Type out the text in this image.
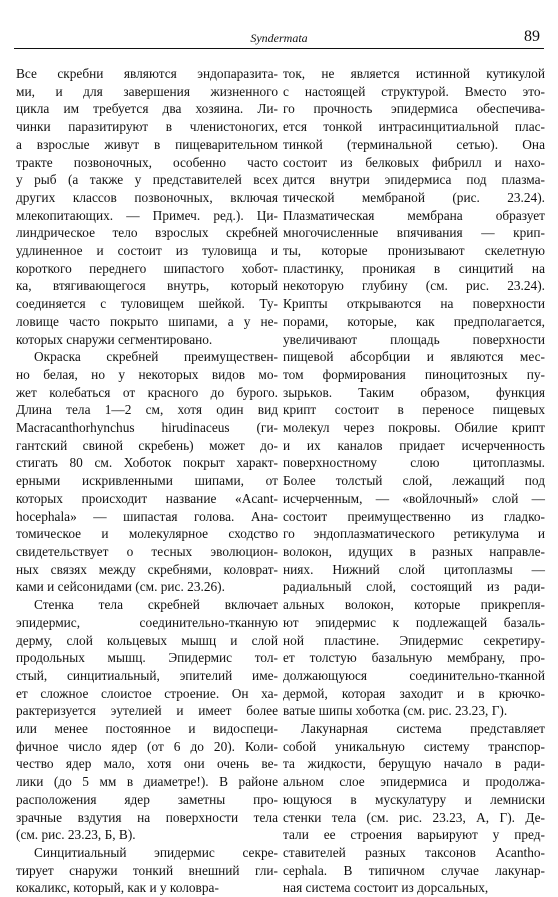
Syndermata	89
Все скребни являются эндопаразита-
ми, и для завершения жизненного
цикла им требуется два хозяина. Ли-
чинки паразитируют в членистоногих,
а взрослые живут в пищеварительном
тракте позвоночных, особенно часто
у рыб (а также у представителей всех
других классов позвоночных, включая
млекопитающих. — Примеч. ред.). Ци-
линдрическое тело взрослых скребней
удлиненное и состоит из туловища и
короткого переднего шипастого хобот-
ка, втягивающегося внутрь, который
соединяется с туловищем шейкой. Ту-
ловище часто покрыто шипами, а у не-
которых снаружи сегментировано.
Окраска скребней преимуществен-
но белая, но у некоторых видов мо-
жет колебаться от красного до бурого.
Длина тела 1—2 см, хотя один вид
Macracanthorhynchus hirudinaceus (ги-
гантский свиной скребень) может до-
стигать 80 см. Хоботок покрыт характ-
ерными искривленными шипами, от
которых происходит название «Acant-
hocephala» — шипастая голова. Ана-
томическое и молекулярное сходство
свидетельствует о тесных эволюцион-
ных связях между скребнями, коловрат-
ками и сейсонидами (см. рис. 23.26).
Стенка тела скребней включает
эпидермис, соединительно-тканную
дерму, слой кольцевых мышц и слой
продольных мышц. Эпидермис тол-
стый, синцитиальный, эпителий име-
ет сложное слоистое строение. Он ха-
рактеризуется эутелией и имеет более
или менее постоянное и видоспеци-
фичное число ядер (от 6 до 20). Коли-
чество ядер мало, хотя они очень ве-
лики (до 5 мм в диаметре!). В районе
расположения ядер заметны про-
зрачные вздутия на поверхности тела
(см. рис. 23.23, Б, В).
Синцитиальный эпидермис секре-
тирует снаружи тонкий внешний гли-
кокаликс, который, как и у коловра-
ток, не является истинной кутикулой
с настоящей структурой. Вместо это-
го прочность эпидермиса обеспечива-
ется тонкой интрасинцитиальной плас-
тинкой (терминальной сетью). Она
состоит из белковых фибрилл и нахо-
дится внутри эпидермиса под плазма-
тической мембраной (рис. 23.24).
Плазматическая мембрана образует
многочисленные впячивания — крип-
ты, которые пронизывают скелетную
пластинку, проникая в синцитий на
некоторую глубину (см. рис. 23.24).
Крипты открываются на поверхности
порами, которые, как предполагается,
увеличивают площадь поверхности
пищевой абсорбции и являются мес-
том формирования пиноцитозных пу-
зырьков. Таким образом, функция
крипт состоит в переносе пищевых
молекул через покровы. Обилие крипт
и их каналов придает исчерченность
поверхностному слою цитоплазмы.
Более толстый слой, лежащий под
исчерченным, — «войлочный» слой —
состоит преимущественно из гладко-
го эндоплазматического ретикулума и
волокон, идущих в разных направле-
ниях. Нижний слой цитоплазмы —
радиальный слой, состоящий из ради-
альных волокон, которые прикрепля-
ют эпидермис к подлежащей базаль-
ной пластине. Эпидермис секретиру-
ет толстую базальную мембрану, про-
должающуюся соединительно-тканной
дермой, которая заходит и в крючко-
ватые шипы хоботка (см. рис. 23.23, Г).
Лакунарная система представляет
собой уникальную систему транспор-
та жидкости, берущую начало в ради-
альном слое эпидермиса и продолжа-
ющуюся в мускулатуру и лемниски
стенки тела (см. рис. 23.23, А, Г). Де-
тали ее строения варьируют у пред-
ставителей разных таксонов Acantho-
cephala. В типичном случае лакунар-
ная система состоит из дорсальных,
